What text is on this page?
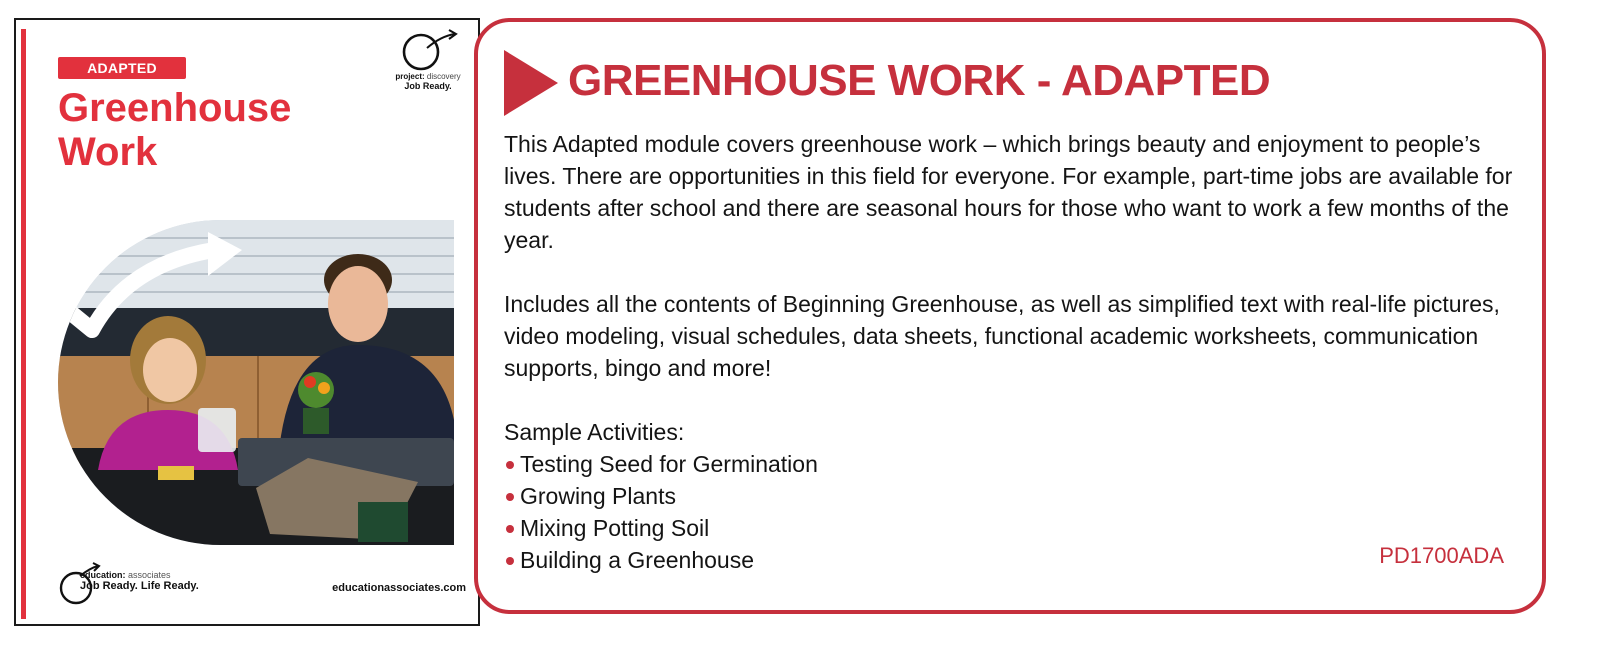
ADAPTED
Greenhouse
Work
project: discovery
Job Ready.
education: associates
Job Ready. Life Ready.	educationassociates.com
GREENHOUSE WORK - ADAPTED

This Adapted module covers greenhouse work – which brings beauty and enjoyment to people’s lives. There are opportunities in this field for everyone. For example, part-time jobs are available for students after school and there are seasonal hours for those who want to work a few months of the year.

Includes all the contents of Beginning Greenhouse, as well as simplified text with real-life pictures, video modeling, visual schedules, data sheets, functional academic worksheets, communication supports, bingo and more!

Sample Activities:
Testing Seed for Germination
Growing Plants
Mixing Potting Soil
Building a Greenhouse	PD1700ADA
